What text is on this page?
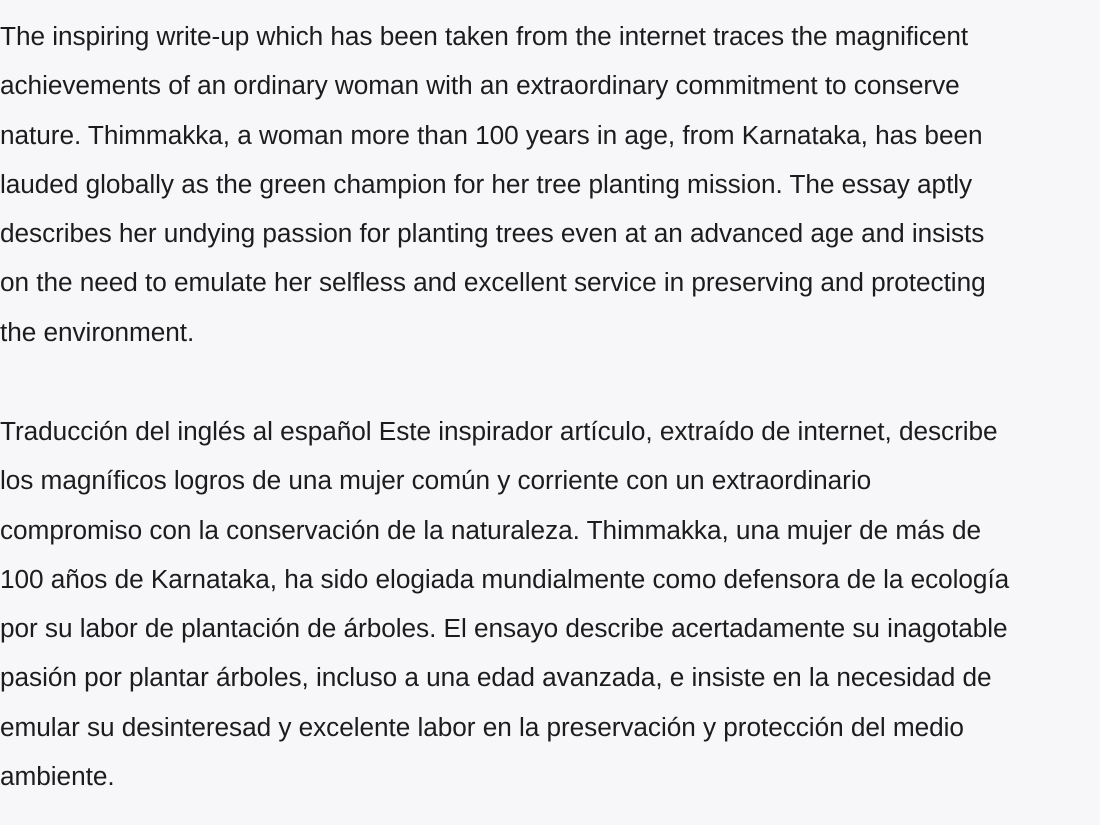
The inspiring write-up which has been taken from the internet traces the magnificent
achievements of an ordinary woman with an extraordinary commitment to conserve
nature. Thimmakka, a woman more than 100 years in age, from Karnataka, has been
lauded globally as the green champion for her tree planting mission. The essay aptly
describes her undying passion for planting trees even at an advanced age and insists
on the need to emulate her selfless and excellent service in preserving and protecting
the environment.
Traducción del inglés al español Este inspirador artículo, extraído de internet, describe
los magníficos logros de una mujer común y corriente con un extraordinario
compromiso con la conservación de la naturaleza. Thimmakka, una mujer de más de
100 años de Karnataka, ha sido elogiada mundialmente como defensora de la ecología
por su labor de plantación de árboles. El ensayo describe acertadamente su inagotable
pasión por plantar árboles, incluso a una edad avanzada, e insiste en la necesidad de
emular su desinteresad y excelente labor en la preservación y protección del medio
ambiente.
